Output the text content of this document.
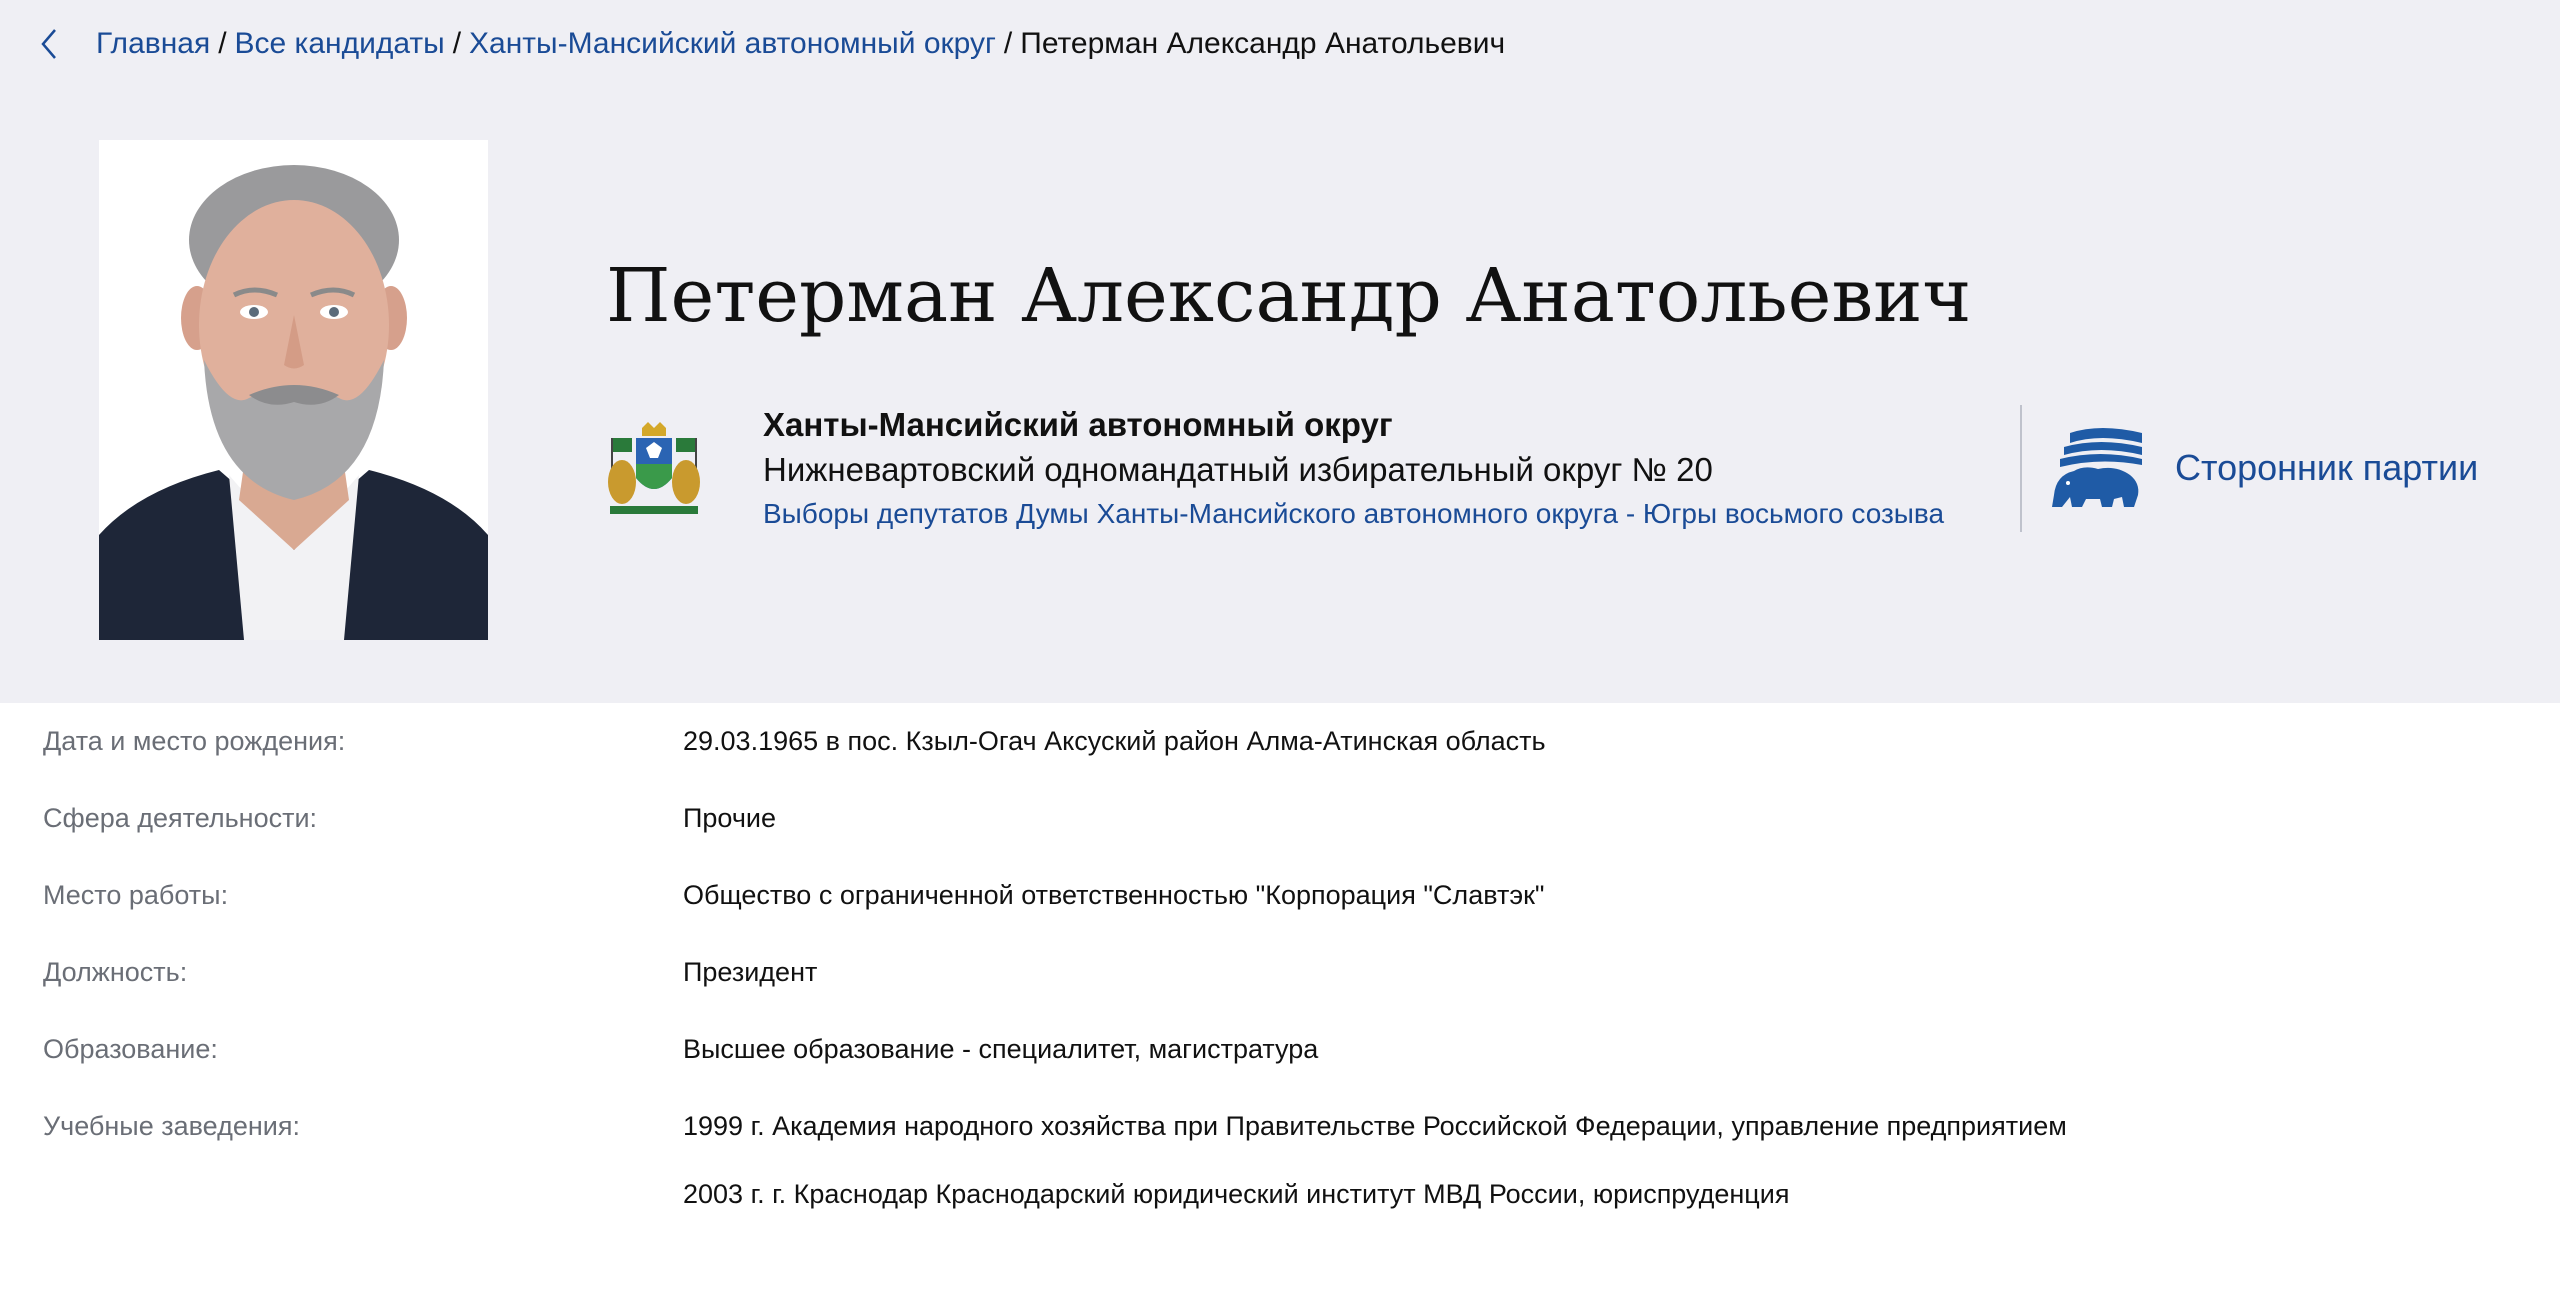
Главная / Все кандидаты / Ханты-Мансийский автономный округ / Петерман Александр Анатольевич
Петерман Александр Анатольевич
Ханты-Мансийский автономный округ
Нижневартовский одномандатный избирательный округ № 20
Выборы депутатов Думы Ханты-Мансийского автономного округа - Югры восьмого созыва
Сторонник партии
Дата и место рождения:	29.03.1965 в пос. Кзыл-Огач Аксуский район Алма-Атинская область
Сфера деятельности:	Прочие
Место работы:	Общество с ограниченной ответственностью "Корпорация "Славтэк"
Должность:	Президент
Образование:	Высшее образование - специалитет, магистратура
Учебные заведения:	1999 г. Академия народного хозяйства при Правительстве Российской Федерации, управление предприятием
2003 г. г. Краснодар Краснодарский юридический институт МВД России, юриспруденция
